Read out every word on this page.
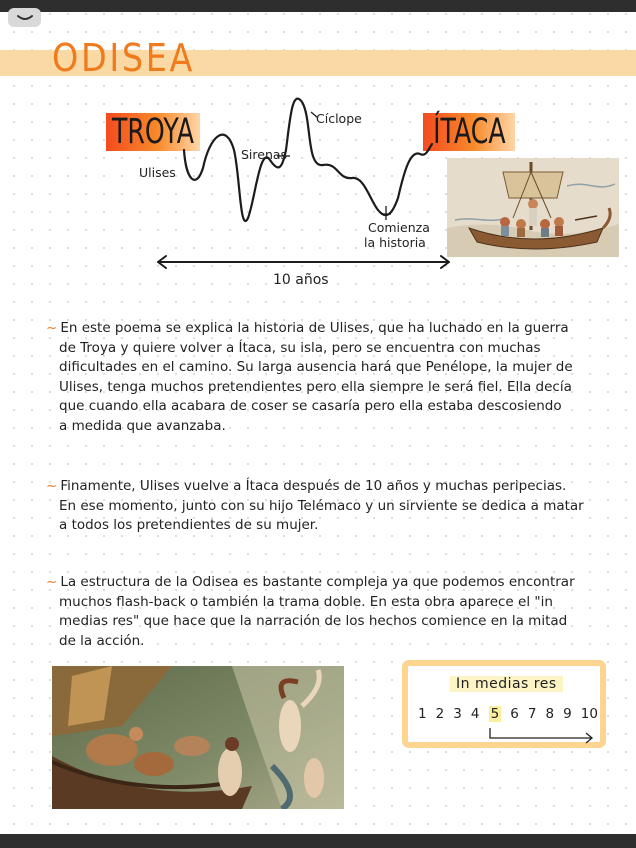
ODISEA
TROYA	ÍTACA
Ulises
Sirenas
Cíclope
Comienza
la historia
10 años
~ En este poema se explica la historia de Ulises, que ha luchado en la guerra
de Troya y quiere volver a Ítaca, su isla, pero se encuentra con muchas
dificultades en el camino. Su larga ausencia hará que Penélope, la mujer de
Ulises, tenga muchos pretendientes pero ella siempre le será fiel. Ella decía
que cuando ella acabara de coser se casaría pero ella estaba descosiendo
a medida que avanzaba.
~ Finamente, Ulises vuelve a Ítaca después de 10 años y muchas peripecias.
En ese momento, junto con su hijo Telémaco y un sirviente se dedica a matar
a todos los pretendientes de su mujer.
~ La estructura de la Odisea es bastante compleja ya que podemos encontrar
muchos flash-back o también la trama doble. En esta obra aparece el "in
medias res" que hace que la narración de los hechos comience en la mitad
de la acción.
In medias res
1 2 3 4 5 6 7 8 9 10
